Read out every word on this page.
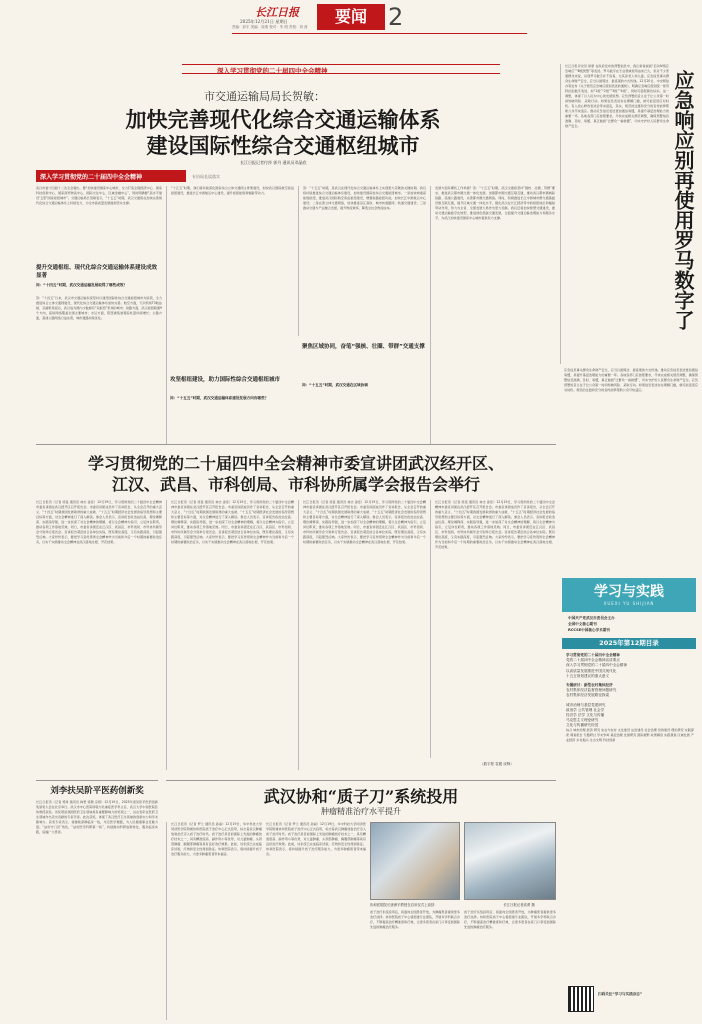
长江日报	要闻 2
2025年12月21日 星期日
责编：彭宇 美编：周逸 校对：朱 明 责校：刘 茜
深入学习贯彻党的二十届四中全会精神
市交通运输局局长贺敏：
加快完善现代化综合交通运输体系
建设国际性综合交通枢纽城市
长江日报记者付莎 郭丹 通讯员邓晶欣
深入学习贯彻党的二十届四中全会精神	专访局长谈落实
武汉市委十四届十二次全会提出，要“加快建设国家中心城市，全力打造全国经济中心、国家科技创新中心、国家商贸物流中心、国际交往中心、区域金融中心”，同时明确要“高水平建设‘五型’国家枢纽城市”。交通运输局长贺敏表示，“十五五”时期，武汉交通将在加快完善现代化综合交通运输体系上持续发力，为全市高质量发展提供坚实支撑。
提升交通枢纽、现代化综合交通运输体系建设成效显著
问：“十四五”时期，武汉交通运输发展取得了哪些成效？
答：“十四五”以来，武汉市交通运输系统坚持以建设国际性综合交通枢纽城市为统领，全力推进综合立体交通网建设，现代化综合交通运输体系加快完善。航空方面，天河机场T3航站楼、花湖机场投运，武汉成为国内少数拥有“双枢纽”机场的城市；铁路方面，武汉枢纽联通9个方向，高铁网络覆盖全国主要城市；水运方面，阳逻港集装箱吞吐量持续增长；公路方面，高速公路网络日益完善，城市道路持续优化。
“十五五”时期，我们将持续深化国家综合立体交通网主骨架建设，加快武汉国际航空客货枢纽建设，推进长江中游航运中心建设，提升枢纽能级和辐射带动力。
攻坚枢纽建设，助力国际性综合交通枢纽城市
问：“十五五”时期，武汉交通运输体系建设发展方向有哪些？
答：“十五五”时期，是武汉在现代化综合交通运输体系上实现更大突破的关键时期。我们将持续推进综合交通运输体系建设，加快建设国际性综合交通枢纽城市。一是加快构建高能级枢纽，推进武汉国际航空客货枢纽建设，增强铁路枢纽功能，加快长江中游航运中心建设；二是完善立体交通网络，加快推进沿江高铁、城市快速路网、轨道交通建设；三是推动交通与产业融合发展，提升物流效率，降低全社会物流成本。
聚焦区域协同，奋笔“强核、壮圈、带群”交通支撑
问：“十五五”时期，武汉交通在区域协调
发展方面有哪些工作举措？答：“十五五”时期，武汉交通将坚持“强核、壮圈、带群”要求，推进武汉都市圈交通一体化发展。加强都市圈交通互联互通，推动武汉都市圈城际铁路、高速公路建设，完善都市圈交通网络。同时，积极推进长江中游城市群交通基础设施互联互通，提升区域交通一体化水平，强化武汉在长江经济带中的枢纽地位和辐射带动作用，努力为全省、全国发展大局作出更大贡献。我们还将加快智慧交通建设，推动交通运输数字化转型，推进绿色低碳交通发展，全面提升交通运输治理能力和服务水平，为武汉加快建设国家中心城市提供有力支撑。
长江日报评论员 徐蒙 在政府发布的预警信息中，我们常常看到“启动Ⅳ级应急响应”“Ⅲ级预警”等表述。罗马数字在专业领域使用由来已久，但对不少普通群众来说，识别罗马数字并不容易，尤其是老人和儿童。应急信息事关群众生命财产安全，应当以最简洁、最直观的方式传递。12月20日，中央网信办等发布《关于规范应急响应级别表述的通知》，明确应急响应级别统一使用阿拉伯数字表述，如“1级”“2级”“3级”“4级”，同时可搭配颜色标识。这一调整，体现了以人民为中心的发展思想。应急预警的意义在于让公众第一时间知晓风险、采取行动。如果信息表述存在理解门槛，就可能延误应对时机。有人担心修改表述会带来混乱，其实，规范的过渡和充分的宣传能够帮助公众尽快适应。推动应急信息表述更加通俗易懂，是提升基层治理能力的重要一环。各地各部门应按照要求，尽快完成相关规范调整，确保预警信息准确、及时、易懂，真正做到“让群众一看就懂”，切实守护好人民群众生命财产安全。	应急响应别再使用罗马数字了
应急信息事关群众生命财产安全，应当以最简洁、最直观的方式传递。推动应急信息表述更加通俗易懂，是提升基层治理能力的重要一环。各地各部门应按照要求，尽快完成相关规范调整，确保预警信息准确、及时、易懂，真正做到“让群众一看就懂”，切实守护好人民群众生命财产安全。应急预警的意义在于让公众第一时间知晓风险、采取行动。如果信息表述存在理解门槛，就可能延误应对时机。规范的过渡和充分的宣传能够帮助公众尽快适应。
学习贯彻党的二十届四中全会精神市委宣讲团武汉经开区、
江汉、武昌、市科创局、市科协所属学会报告会举行
长江日报讯（记者 徐苗 通讯员 林志 涂佳）12月19日，学习贯彻党的二十届四中全会精神市委宣讲团在武汉经开区召开报告会。市委宣讲团成员作了宣讲报告，从全会召开的重大意义、“十四五”时期我国发展取得的重大成就、“十五五”时期经济社会发展的指导思想和主要目标等方面，对全会精神进行了深入解读。参会人员表示，宣讲报告政治站位高、理论阐释深、实践指导强，进一步加深了对全会精神的理解，将以全会精神为指引，立足岗位职责，推动各项工作落地见效。同日，市委宣讲团还在江汉区、武昌区、市科创局、市科协所属学会分别举行报告会。宣讲报告紧密结合各单位实际，既有理论高度，又有实践深度，引起强烈反响。大家纷纷表示，要把学习宣传贯彻全会精神作为当前和今后一个时期的重要政治任务，以实干实绩推动全会精神在武汉落地生根、开花结果。
长江日报讯（记者 徐苗 通讯员 林志 涂佳）12月19日，学习贯彻党的二十届四中全会精神市委宣讲团在武汉经开区召开报告会。市委宣讲团成员作了宣讲报告，从全会召开的重大意义、“十四五”时期我国发展取得的重大成就、“十五五”时期经济社会发展的指导思想和主要目标等方面，对全会精神进行了深入解读。参会人员表示，宣讲报告政治站位高、理论阐释深、实践指导强，进一步加深了对全会精神的理解，将以全会精神为指引，立足岗位职责，推动各项工作落地见效。同日，市委宣讲团还在江汉区、武昌区、市科创局、市科协所属学会分别举行报告会。宣讲报告紧密结合各单位实际，既有理论高度，又有实践深度，引起强烈反响。大家纷纷表示，要把学习宣传贯彻全会精神作为当前和今后一个时期的重要政治任务，以实干实绩推动全会精神在武汉落地生根、开花结果。
长江日报讯（记者 徐苗 通讯员 林志 涂佳）12月19日，学习贯彻党的二十届四中全会精神市委宣讲团在武汉经开区召开报告会。市委宣讲团成员作了宣讲报告，从全会召开的重大意义、“十四五”时期我国发展取得的重大成就、“十五五”时期经济社会发展的指导思想和主要目标等方面，对全会精神进行了深入解读。参会人员表示，宣讲报告政治站位高、理论阐释深、实践指导强，进一步加深了对全会精神的理解，将以全会精神为指引，立足岗位职责，推动各项工作落地见效。同日，市委宣讲团还在江汉区、武昌区、市科创局、市科协所属学会分别举行报告会。宣讲报告紧密结合各单位实际，既有理论高度，又有实践深度，引起强烈反响。大家纷纷表示，要把学习宣传贯彻全会精神作为当前和今后一个时期的重要政治任务，以实干实绩推动全会精神在武汉落地生根、开花结果。
长江日报讯（记者 徐苗 通讯员 林志 涂佳）12月19日，学习贯彻党的二十届四中全会精神市委宣讲团在武汉经开区召开报告会。市委宣讲团成员作了宣讲报告，从全会召开的重大意义、“十四五”时期我国发展取得的重大成就、“十五五”时期经济社会发展的指导思想和主要目标等方面，对全会精神进行了深入解读。参会人员表示，宣讲报告政治站位高、理论阐释深、实践指导强，进一步加深了对全会精神的理解，将以全会精神为指引，立足岗位职责，推动各项工作落地见效。同日，市委宣讲团还在江汉区、武昌区、市科创局、市科协所属学会分别举行报告会。宣讲报告紧密结合各单位实际，既有理论高度，又有实践深度，引起强烈反响。大家纷纷表示，要把学习宣传贯彻全会精神作为当前和今后一个时期的重要政治任务，以实干实绩推动全会精神在武汉落地生根、开花结果。
（数字报 袁媛 谈锋）
学习与实践
XUEXI YU SHIJIAN
中国共产党武汉市委员会主办
全国中文核心期刊
RCCSE中国核心学术期刊
2025年第12期目录
学习贯彻党的二十届四中全会精神
党的二十届四中全会精神宣讲要点
深入学习贯彻党的二十届四中全会精神
以高质量发展推进中国式现代化
十五五规划建议的重大意义
专题研讨：新型农村集体经济
农村集体经济监督管理问题研究
农村集体经济发展路径探索
城市治理与基层党建研究
政治学 公共管理 社会学
经济学 法学 文化与传播
马克思主义理论研究
文化与传播研究综述
综合 城市治理 经济 研究 农业与农村 文化建设 法治建设 社会治理 党的建设 理论研究 实践探索 调查报告 专题研讨 学术争鸣 基层治理 发展研究 国际视野 政策解读 实践观察 区域发展 产业经济 乡村振兴 生态文明 科技创新
扫码关注“学习与实践杂志”
刘李扶吴阶平医药创新奖
长江日报讯（记者 郑琦 通讯员 韩菁 梁敬 宗婷）12月19日，2025年度吴阶平医药创新奖颁奖大会在北京举行。武汉市中心医院呼吸与危重症医学科主任、武汉大学中南医院张伟教授获奖。该奖项是我国医药卫生领域具有重要影响力的奖项之一，旨在表彰在医药卫生领域作出突出贡献的专家学者。此次获奖，体现了武汉医疗卫生领域的创新实力和学术影响力。获奖专家表示，将继续深耕临床一线，攻克医学难题，为人民健康事业贡献力量。“站好守门员”角色，“站好医学科研第一线”，持续推动科研成果转化，服务临床实践，造福广大患者。
武汉协和“质子刀”系统投用
肿瘤精准治疗水平提升
长江日报讯（记者 罗兰 通讯员 孙丽）12月19日，华中科技大学同济医学院附属协和医院质子治疗中心正式投用，标志着武汉肿瘤放射治疗迈入质子治疗时代。质子治疗是目前国际上先进的肿瘤放疗技术之一，具有精准度高、副作用小等优势，对儿童肿瘤、头颈部肿瘤、胸腹部肿瘤等具有良好治疗效果。此前，该系统已完成临床试验，疗效和安全性得到验证。协和医院表示，将持续提升质子治疗服务能力，为更多肿瘤患者带来福音。
长江日报讯（记者 罗兰 通讯员 孙丽）12月19日，华中科技大学同济医学院附属协和医院质子治疗中心正式投用，标志着武汉肿瘤放射治疗迈入质子治疗时代。质子治疗是目前国际上先进的肿瘤放疗技术之一，具有精准度高、副作用小等优势，对儿童肿瘤、头颈部肿瘤、胸腹部肿瘤等具有良好治疗效果。此前，该系统已完成临床试验，疗效和安全性得到验证。协和医院表示，将持续提升质子治疗服务能力，为更多肿瘤患者带来福音。
协和医院院长唐洲平教授在启用仪式上致辞	长江日报记者高勇 摄
质子治疗系统投用后，将面向全国患者开放，为肿瘤患者提供更多治疗选择。协和医院质子中心将组建专业团队，开展多学科联合诊疗，不断提高治疗精准度和疗效，让更多患者在家门口享受到国际先进的肿瘤治疗服务。
质子治疗系统投用后，将面向全国患者开放，为肿瘤患者提供更多治疗选择。协和医院质子中心将组建专业团队，开展多学科联合诊疗，不断提高治疗精准度和疗效，让更多患者在家门口享受到国际先进的肿瘤治疗服务。
